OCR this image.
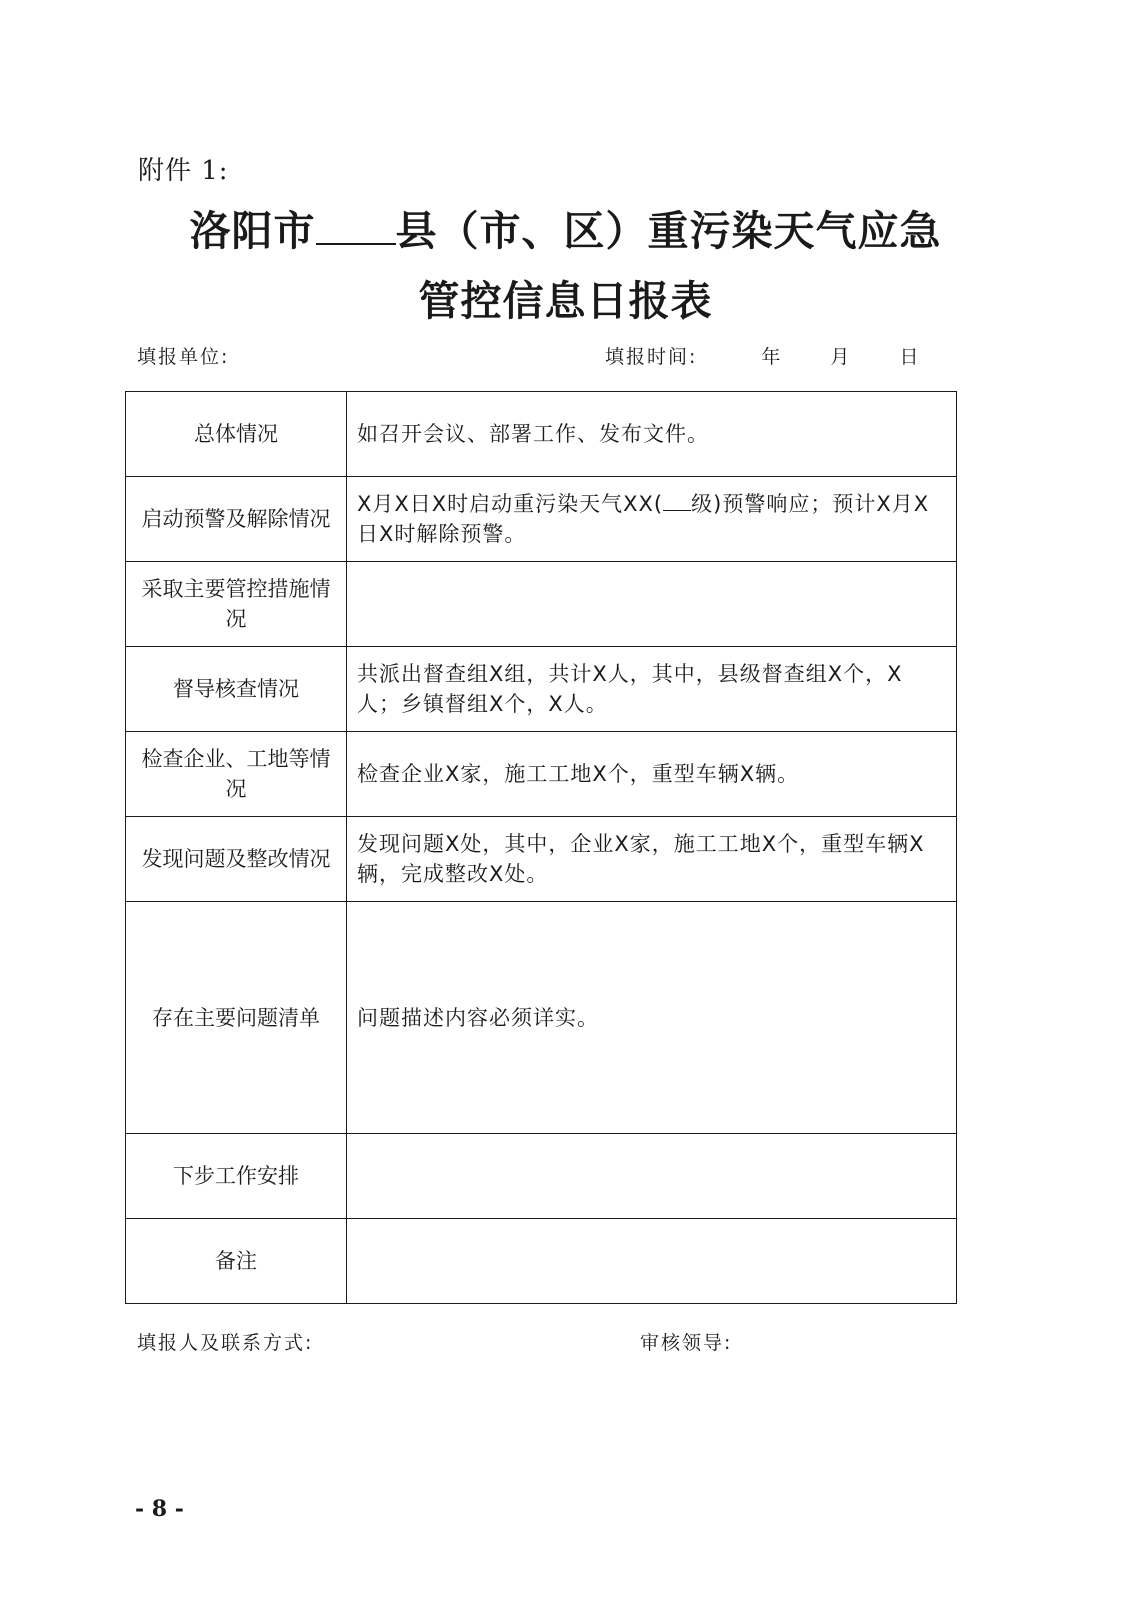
附件 1:
洛阳市 县（市、区）重污染天气应急
管控信息日报表
填报单位:	填报时间:	年	月	日
总体情况	如召开会议、部署工作、发布文件。
启动预警及解除情况	X月X日X时启动重污染天气XX( 级)预警响应；预计X月X日X时解除预警。
采取主要管控措施情况	
督导核查情况	共派出督查组X组，共计X人，其中，县级督查组X个，X人；乡镇督组X个，X人。
检查企业、工地等情况	检查企业X家，施工工地X个，重型车辆X辆。
发现问题及整改情况	发现问题X处，其中，企业X家，施工工地X个，重型车辆X辆，完成整改X处。
存在主要问题清单	问题描述内容必须详实。
下步工作安排	
备注	
填报人及联系方式:	审核领导:
- 8 -
